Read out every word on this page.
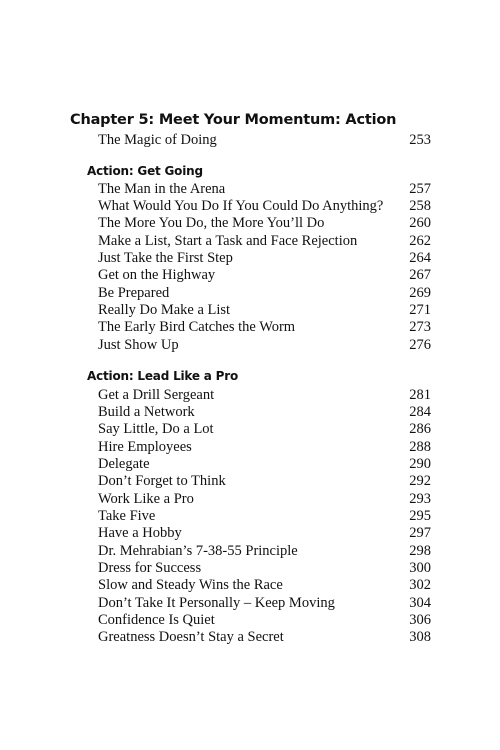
Chapter 5: Meet Your Momentum: Action
The Magic of Doing	253
Action: Get Going
The Man in the Arena	257
What Would You Do If You Could Do Anything? 258
The More You Do, the More You’ll Do	260
Make a List, Start a Task and Face Rejection	262
Just Take the First Step	264
Get on the Highway	267
Be Prepared	269
Really Do Make a List	271
The Early Bird Catches the Worm	273
Just Show Up	276
Action: Lead Like a Pro
Get a Drill Sergeant	281
Build a Network	284
Say Little, Do a Lot	286
Hire Employees	288
Delegate	290
Don’t Forget to Think	292
Work Like a Pro	293
Take Five	295
Have a Hobby	297
Dr. Mehrabian’s 7-38-55 Principle	298
Dress for Success	300
Slow and Steady Wins the Race	302
Don’t Take It Personally – Keep Moving	304
Confidence Is Quiet	306
Greatness Doesn’t Stay a Secret	308
